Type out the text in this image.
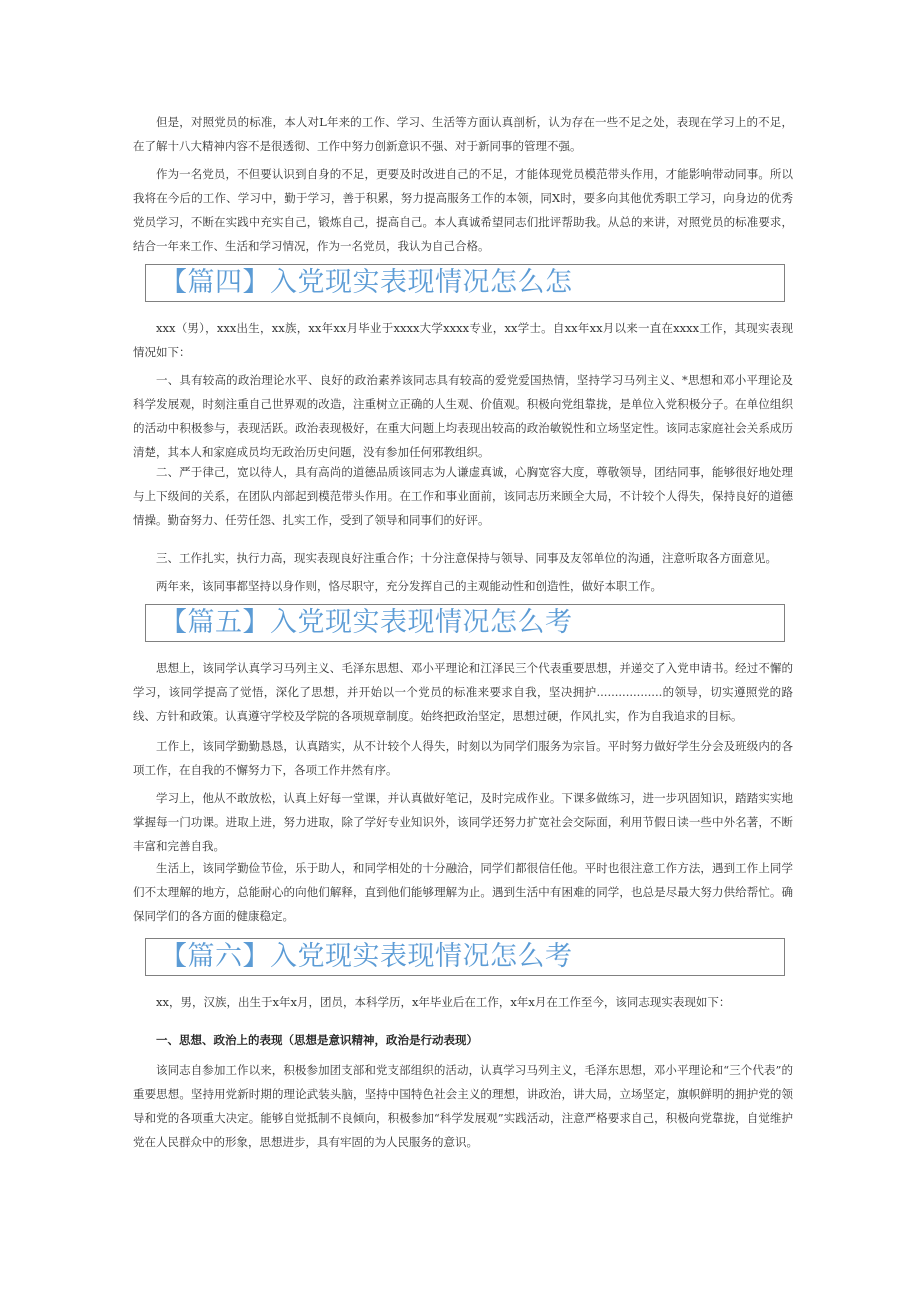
但是，对照党员的标准，本人对L年来的工作、学习、生活等方面认真剖析，认为存在一些不足之处，表现在学习上的不足，在了解十八大精神内容不是很透彻、工作中努力创新意识不强、对于新同事的管理不强。

作为一名党员，不但要认识到自身的不足，更要及时改进自己的不足，才能体现党员模范带头作用，才能影响带动同事。所以我将在今后的工作、学习中，勤于学习，善于积累，努力提高服务工作的本领，同X时，要多向其他优秀职工学习，向身边的优秀党员学习，不断在实践中充实自己，锻炼自己，提高自己。本人真诚希望同志们批评帮助我。从总的来讲，对照党员的标准要求，结合一年来工作、生活和学习情况，作为一名党员，我认为自己合格。

【篇四】入党现实表现情况怎么怎

xxx（男），xxx出生，xx族，xx年xx月毕业于xxxx大学xxxx专业，xx学士。自xx年xx月以来一直在xxxx工作，其现实表现情况如下：

一、具有较高的政治理论水平、良好的政治素养该同志具有较高的爱党爱国热情，坚持学习马列主义、*思想和邓小平理论及科学发展观，时刻注重自己世界观的改造，注重树立正确的人生观、价值观。积极向党组靠拢，是单位入党积极分子。在单位组织的活动中积极参与，表现活跃。政治表现极好，在重大问题上均表现出较高的政治敏锐性和立场坚定性。该同志家庭社会关系成历清楚，其本人和家庭成员均无政治历史问题，没有参加任何邪教组织。

二、严于律己，宽以待人，具有高尚的道德品质该同志为人谦虚真诚，心胸宽容大度，尊敬领导，团结同事，能够很好地处理与上下级间的关系，在团队内部起到模范带头作用。在工作和事业面前，该同志历来顾全大局，不计较个人得失，保持良好的道德情操。勤奋努力、任劳任怨、扎实工作，受到了领导和同事们的好评。

三、工作扎实，执行力高，现实表现良好注重合作；十分注意保持与领导、同事及友邻单位的沟通，注意听取各方面意见。

两年来，该同事都坚持以身作则，恪尽职守，充分发挥自己的主观能动性和创造性，做好本职工作。

【篇五】入党现实表现情况怎么考

思想上，该同学认真学习马列主义、毛泽东思想、邓小平理论和江泽民三个代表重要思想，并递交了入党申请书。经过不懈的学习，该同学提高了觉悟，深化了思想，并开始以一个党员的标准来要求自我，坚决拥护..................的领导，切实遵照党的路线、方针和政策。认真遵守学校及学院的各项规章制度。始终把政治坚定，思想过硬，作风扎实，作为自我追求的目标。

工作上，该同学勤勤恳恳，认真踏实，从不计较个人得失，时刻以为同学们服务为宗旨。平时努力做好学生分会及班级内的各项工作，在自我的不懈努力下，各项工作井然有序。

学习上，他从不敢放松，认真上好每一堂课，并认真做好笔记，及时完成作业。下课多做练习，进一步巩固知识，踏踏实实地掌握每一门功课。进取上进，努力进取，除了学好专业知识外，该同学还努力扩宽社会交际面，利用节假日读一些中外名著，不断丰富和完善自我。

生活上，该同学勤俭节俭，乐于助人，和同学相处的十分融洽，同学们都很信任他。平时也很注意工作方法，遇到工作上同学们不太理解的地方，总能耐心的向他们解释，直到他们能够理解为止。遇到生活中有困难的同学，也总是尽最大努力供给帮忙。确保同学们的各方面的健康稳定。

【篇六】入党现实表现情况怎么考

xx，男，汉族，出生于x年x月，团员，本科学历，x年毕业后在工作，x年x月在工作至今，该同志现实表现如下：

一、思想、政治上的表现（思想是意识精神，政治是行动表现）

该同志自参加工作以来，积极参加团支部和党支部组织的活动，认真学习马列主义，毛泽东思想，邓小平理论和“三个代表”的重要思想。坚持用党新时期的理论武装头脑，坚持中国特色社会主义的理想，讲政治，讲大局，立场坚定，旗帜鲜明的拥护党的领导和党的各项重大决定。能够自觉抵制不良倾向，积极参加“科学发展观”实践活动，注意严格要求自己，积极向党靠拢，自觉维护党在人民群众中的形象，思想进步，具有牢固的为人民服务的意识。
